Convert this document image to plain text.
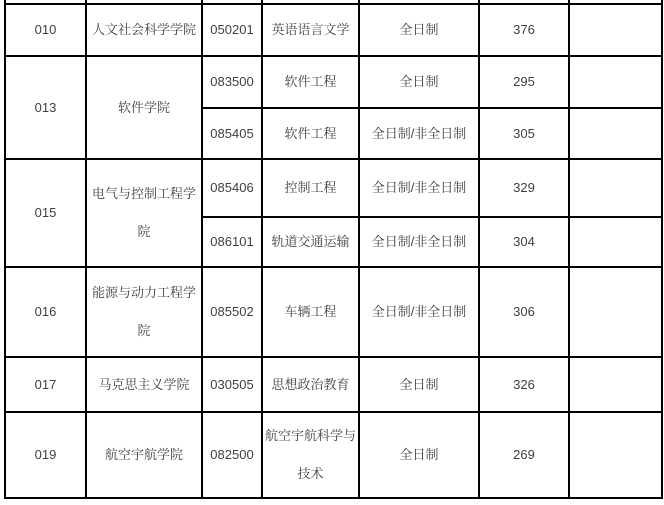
010	人文社会科学学院	050201	英语语言文学	全日制	376	
013	软件学院	083500	软件工程	全日制	295	
		085405	软件工程	全日制/非全日制	305	
015	电气与控制工程学院	085406	控制工程	全日制/非全日制	329	
		086101	轨道交通运输	全日制/非全日制	304	
016	能源与动力工程学院	085502	车辆工程	全日制/非全日制	306	
017	马克思主义学院	030505	思想政治教育	全日制	326	
019	航空宇航学院	082500	航空宇航科学与技术	全日制	269	
